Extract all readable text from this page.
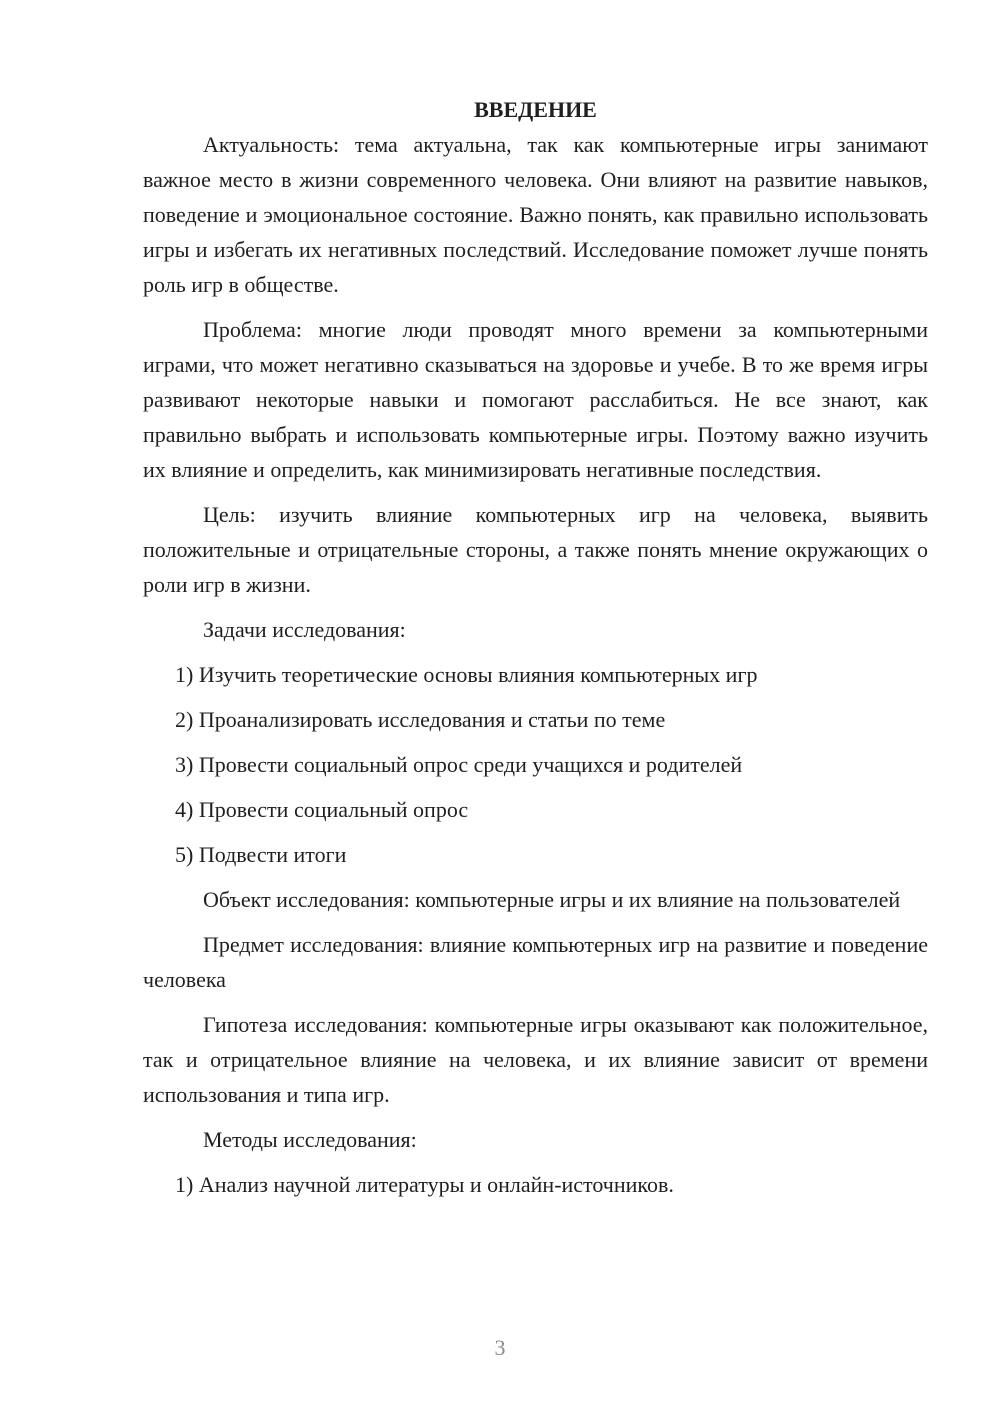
ВВЕДЕНИЕ
Актуальность: тема актуальна, так как компьютерные игры занимают важное место в жизни современного человека. Они влияют на развитие навыков, поведение и эмоциональное состояние. Важно понять, как правильно использовать игры и избегать их негативных последствий. Исследование поможет лучше понять роль игр в обществе.
Проблема: многие люди проводят много времени за компьютерными играми, что может негативно сказываться на здоровье и учебе. В то же время игры развивают некоторые навыки и помогают расслабиться. Не все знают, как правильно выбрать и использовать компьютерные игры. Поэтому важно изучить их влияние и определить, как минимизировать негативные последствия.
Цель: изучить влияние компьютерных игр на человека, выявить положительные и отрицательные стороны, а также понять мнение окружающих о роли игр в жизни.
Задачи исследования:
1) Изучить теоретические основы влияния компьютерных игр
2) Проанализировать исследования и статьи по теме
3) Провести социальный опрос среди учащихся и родителей
4) Провести социальный опрос
5) Подвести итоги
Объект исследования: компьютерные игры и их влияние на пользователей
Предмет исследования: влияние компьютерных игр на развитие и поведение человека
Гипотеза исследования: компьютерные игры оказывают как положительное, так и отрицательное влияние на человека, и их влияние зависит от времени использования и типа игр.
Методы исследования:
1) Анализ научной литературы и онлайн-источников.
3
